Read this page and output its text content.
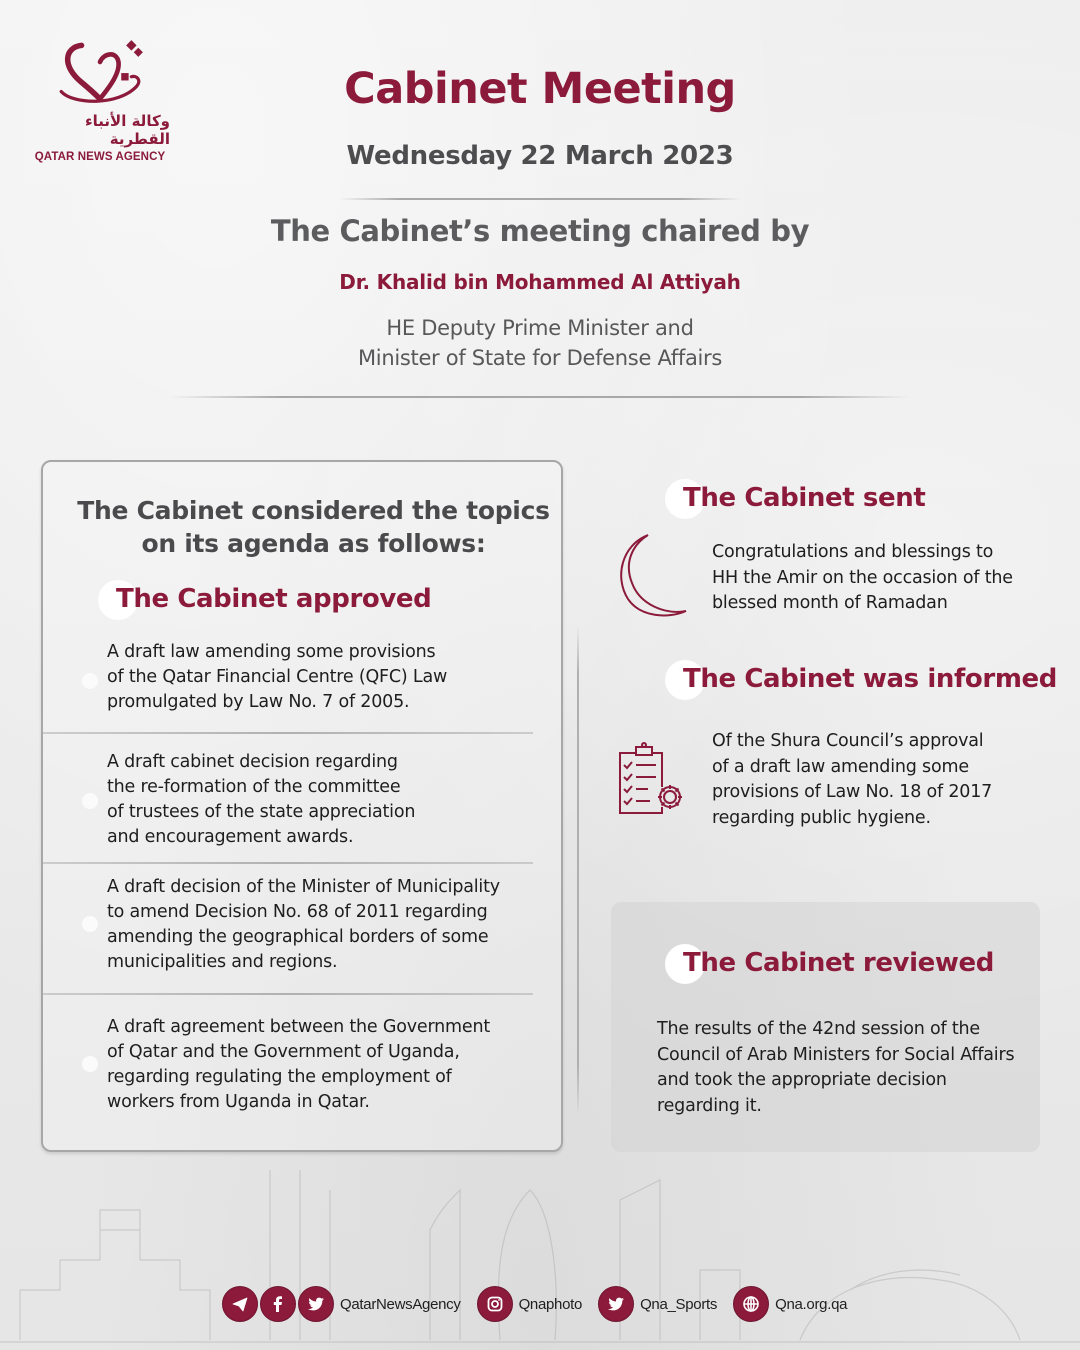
وكالة الأنباء القطرية
QATAR NEWS AGENCY
Cabinet Meeting
Wednesday 22 March 2023
The Cabinet’s meeting chaired by
Dr. Khalid bin Mohammed Al Attiyah
HE Deputy Prime Minister and
Minister of State for Defense Affairs
The Cabinet considered the topics
on its agenda as follows:
The Cabinet approved
A draft law amending some provisions
of the Qatar Financial Centre (QFC) Law
promulgated by Law No. 7 of 2005.
A draft cabinet decision regarding
the re-formation of the committee
of trustees of the state appreciation
and encouragement awards.
A draft decision of the Minister of Municipality
to amend Decision No. 68 of 2011 regarding
amending the geographical borders of some
municipalities and regions.
A draft agreement between the Government
of Qatar and the Government of Uganda,
regarding regulating the employment of
workers from Uganda in Qatar.
The Cabinet sent
Congratulations and blessings to
HH the Amir on the occasion of the
blessed month of Ramadan
The Cabinet was informed
Of the Shura Council’s approval
of a draft law amending some
provisions of Law No. 18 of 2017
regarding public hygiene.
The Cabinet reviewed
The results of the 42nd session of the
Council of Arab Ministers for Social Affairs
and took the appropriate decision
regarding it.
QatarNewsAgency	Qnaphoto	Qna_Sports	Qna.org.qa
